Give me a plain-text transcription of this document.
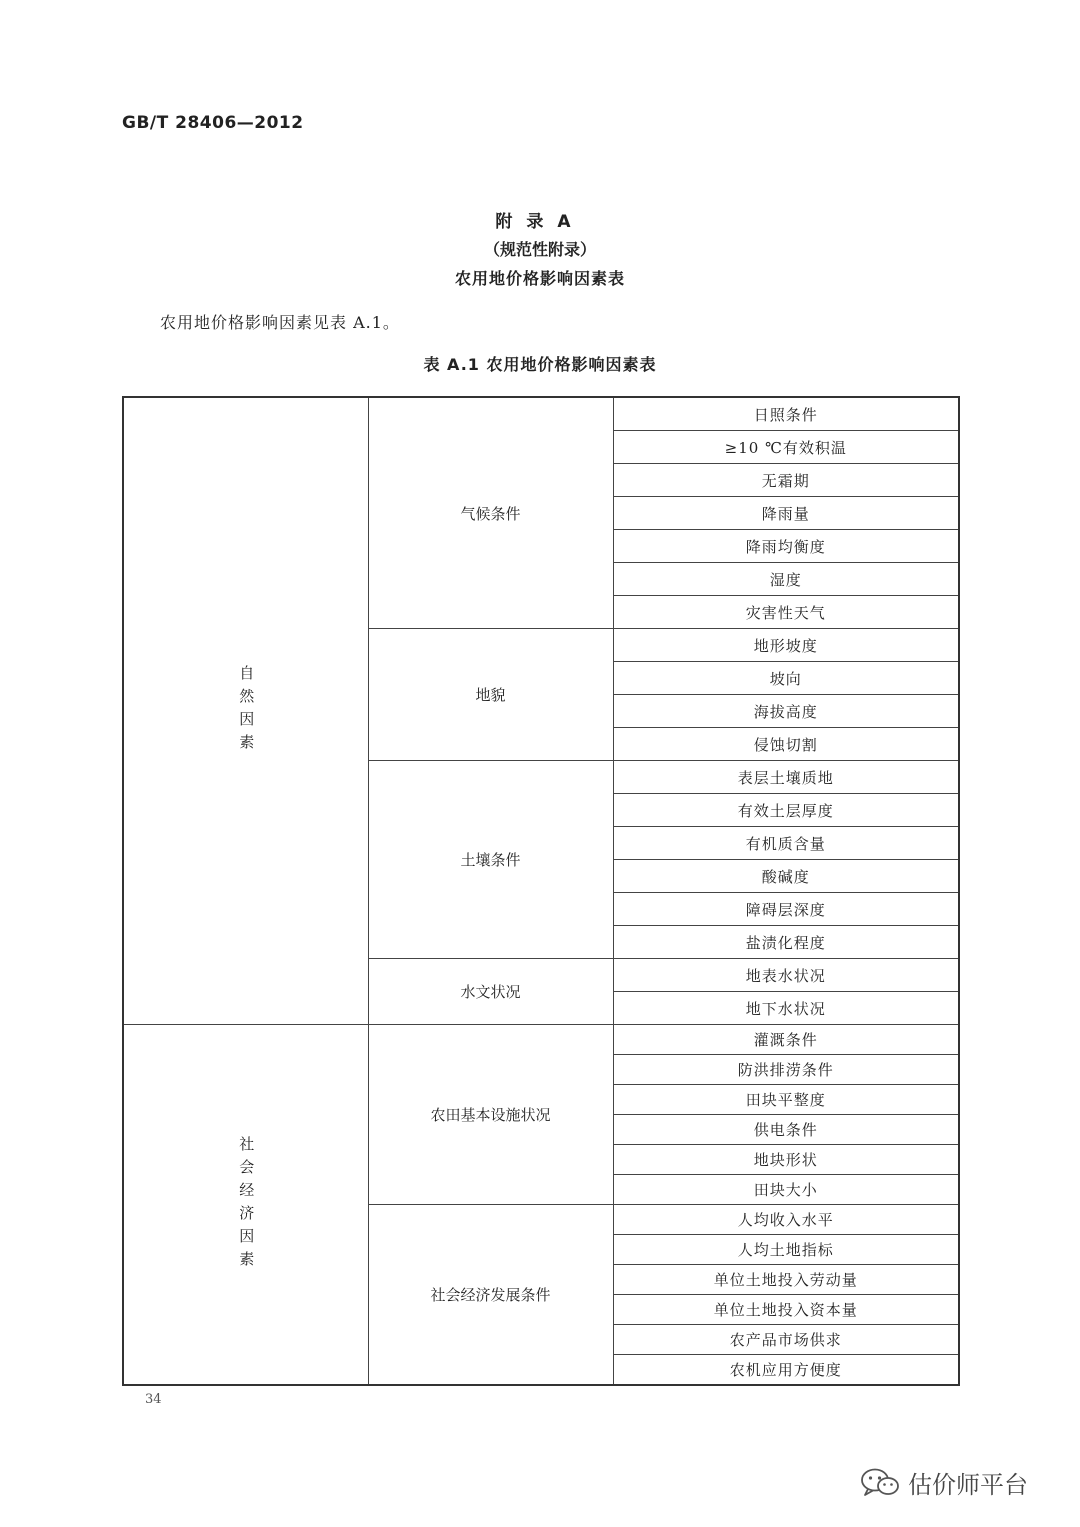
GB/T 28406—2012
附录A
（规范性附录）
农用地价格影响因素表
农用地价格影响因素见表 A.1。
表 A.1 农用地价格影响因素表
自然因素	气候条件	日照条件
		≥10 ℃有效积温
		无霜期
		降雨量
		降雨均衡度
		湿度
		灾害性天气
	地貌	地形坡度
		坡向
		海拔高度
		侵蚀切割
	土壤条件	表层土壤质地
		有效土层厚度
		有机质含量
		酸碱度
		障碍层深度
		盐渍化程度
	水文状况	地表水状况
		地下水状况
社会经济因素	农田基本设施状况	灌溉条件
		防洪排涝条件
		田块平整度
		供电条件
		地块形状
		田块大小
	社会经济发展条件	人均收入水平
		人均土地指标
		单位土地投入劳动量
		单位土地投入资本量
		农产品市场供求
		农机应用方便度
34
估价师平台
